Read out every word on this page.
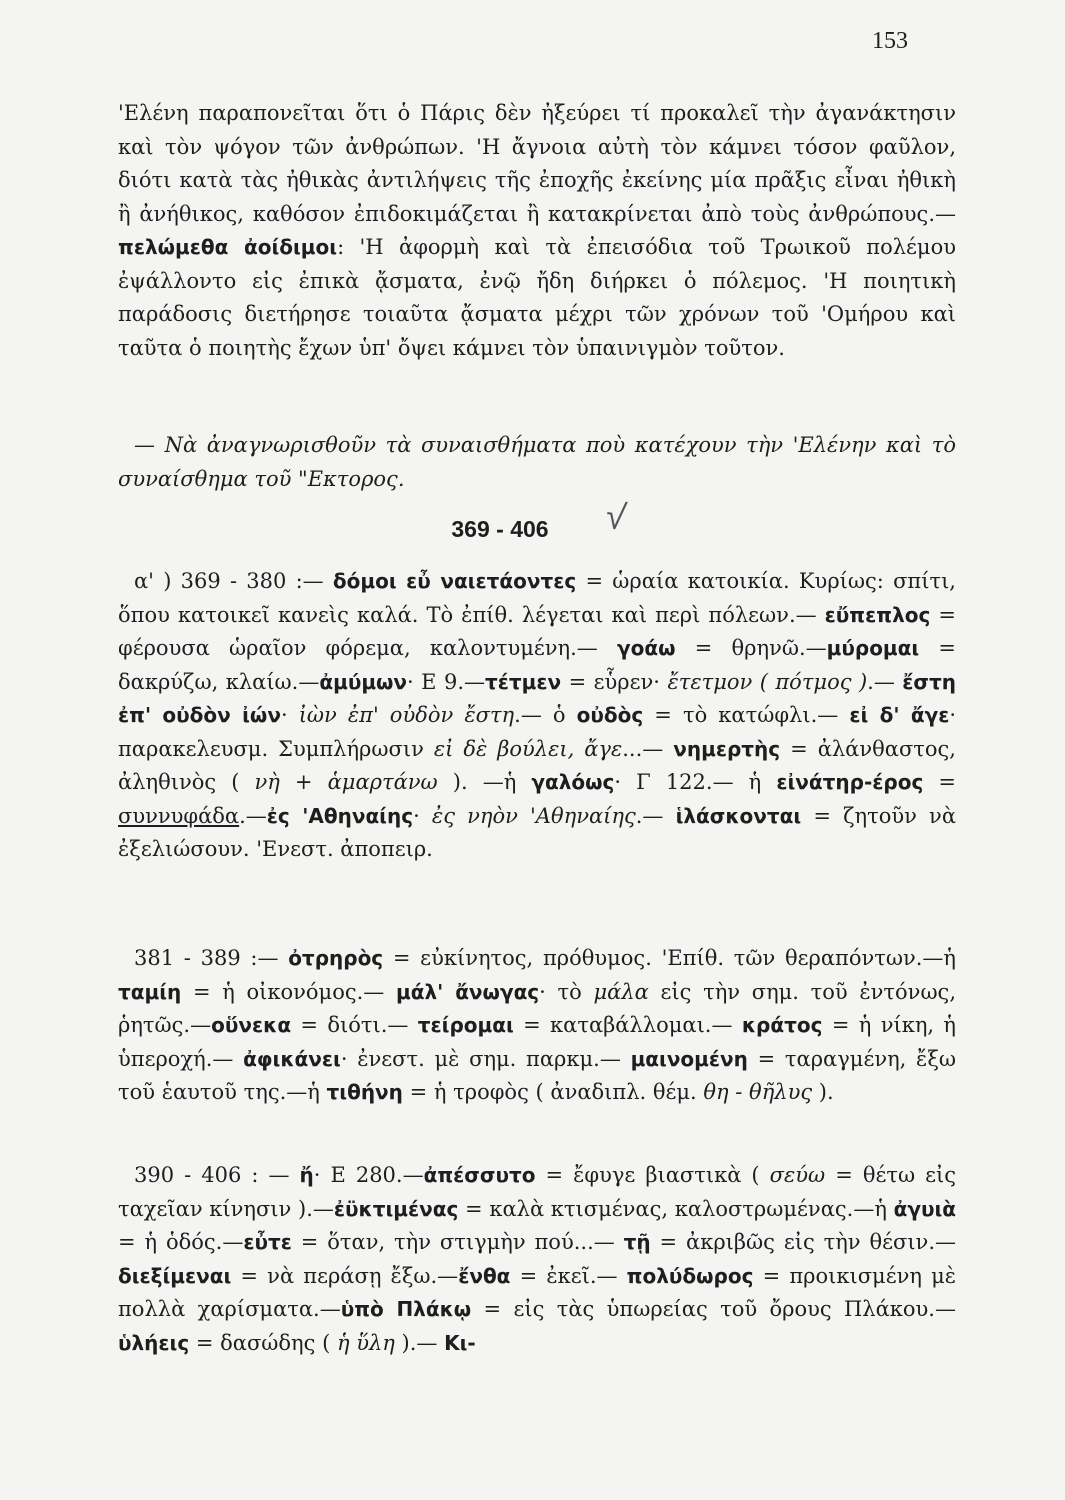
153
'Ελένη παραπονεῖται ὅτι ὁ Πάρις δὲν ἠξεύρει τί προκαλεῖ τὴν ἀγανάκτησιν καὶ τὸν ψόγον τῶν ἀνθρώπων. 'Η ἄγνοια αὐτὴ τὸν κάμνει τόσον φαῦλον, διότι κατὰ τὰς ἠθικὰς ἀντιλήψεις τῆς ἐποχῆς ἐκείνης μία πρᾶξις εἶναι ἠθικὴ ἢ ἀνήθικος, καθόσον ἐπιδοκιμάζεται ἢ κατακρίνεται ἀπὸ τοὺς ἀνθρώπους.—πελώμεθα ἀοίδιμοι: 'Η ἀφορμὴ καὶ τὰ ἐπεισόδια τοῦ Τρωικοῦ πολέμου ἐψάλλοντο εἰς ἐπικὰ ᾄσματα, ἐνῷ ἤδη διήρκει ὁ πόλεμος. 'Η ποιητικὴ παράδοσις διετήρησε τοιαῦτα ᾄσματα μέχρι τῶν χρόνων τοῦ 'Ομήρου καὶ ταῦτα ὁ ποιητὴς ἔχων ὑπ' ὄψει κάμνει τὸν ὑπαινιγμὸν τοῦτον.
— Νὰ ἀναγνωρισθοῦν τὰ συναισθήματα ποὺ κατέχουν τὴν 'Ελένην καὶ τὸ συναίσθημα τοῦ "Εκτορος.
369 - 406	√
α' ) 369 - 380 :— δόμοι εὖ ναιετάοντες = ὡραία κατοικία. Κυρίως: σπίτι, ὅπου κατοικεῖ κανεὶς καλά. Τὸ ἐπίθ. λέγεται καὶ περὶ πόλεων.— εὔπεπλος = φέρουσα ὡραῖον φόρεμα, καλοντυμένη.— γοάω = θρηνῶ.—μύρομαι = δακρύζω, κλαίω.—ἀμύμων· Ε 9.—τέτμεν = εὗρεν· ἔτετμον ( πότμος ).— ἔστη ἐπ' οὐδὸν ἰών· ἰὼν ἐπ' οὐδὸν ἔστη.— ὁ οὐδὸς = τὸ κατώφλι.— εἰ δ' ἄγε· παρακελευσμ. Συμπλήρωσιν εἰ δὲ βούλει, ἄγε...— νημερτὴς = ἀλάνθαστος, ἀληθινὸς ( νὴ + ἁμαρτάνω ). —ἡ γαλόως· Γ 122.— ἡ εἰνάτηρ-έρος = συννυφάδα.—ἐς 'Αθηναίης· ἐς νηὸν 'Αθηναίης.— ἱλάσκονται = ζητοῦν νὰ ἐξελιώσουν. 'Ενεστ. ἀποπειρ.
381 - 389 :— ὀτρηρὸς = εὐκίνητος, πρόθυμος. 'Επίθ. τῶν θεραπόντων.—ἡ ταμίη = ἡ οἰκονόμος.— μάλ' ἄνωγας· τὸ μάλα εἰς τὴν σημ. τοῦ ἐντόνως, ῥητῶς.—οὕνεκα = διότι.— τείρομαι = καταβάλλομαι.— κράτος = ἡ νίκη, ἡ ὑπεροχή.— ἀφικάνει· ἐνεστ. μὲ σημ. παρκμ.— μαινομένη = ταραγμένη, ἔξω τοῦ ἑαυτοῦ της.—ἡ τιθήνη = ἡ τροφὸς ( ἀναδιπλ. θέμ. θη - θῆλυς ).
390 - 406 : — ἤ· Ε 280.—ἀπέσσυτο = ἔφυγε βιαστικὰ ( σεύω = θέτω εἰς ταχεῖαν κίνησιν ).—ἐϋκτιμένας = καλὰ κτισμένας, καλοστρωμένας.—ἡ ἀγυιὰ = ἡ ὁδός.—εὖτε = ὅταν, τὴν στιγμὴν πού...— τῇ = ἀκριβῶς εἰς τὴν θέσιν.—διεξίμεναι = νὰ περάσῃ ἔξω.—ἔνθα = ἐκεῖ.— πολύδωρος = προικισμένη μὲ πολλὰ χαρίσματα.—ὑπὸ Πλάκῳ = εἰς τὰς ὑπωρείας τοῦ ὄρους Πλάκου.—ὑλήεις = δασώδης ( ἡ ὕλη ).— Κι-
